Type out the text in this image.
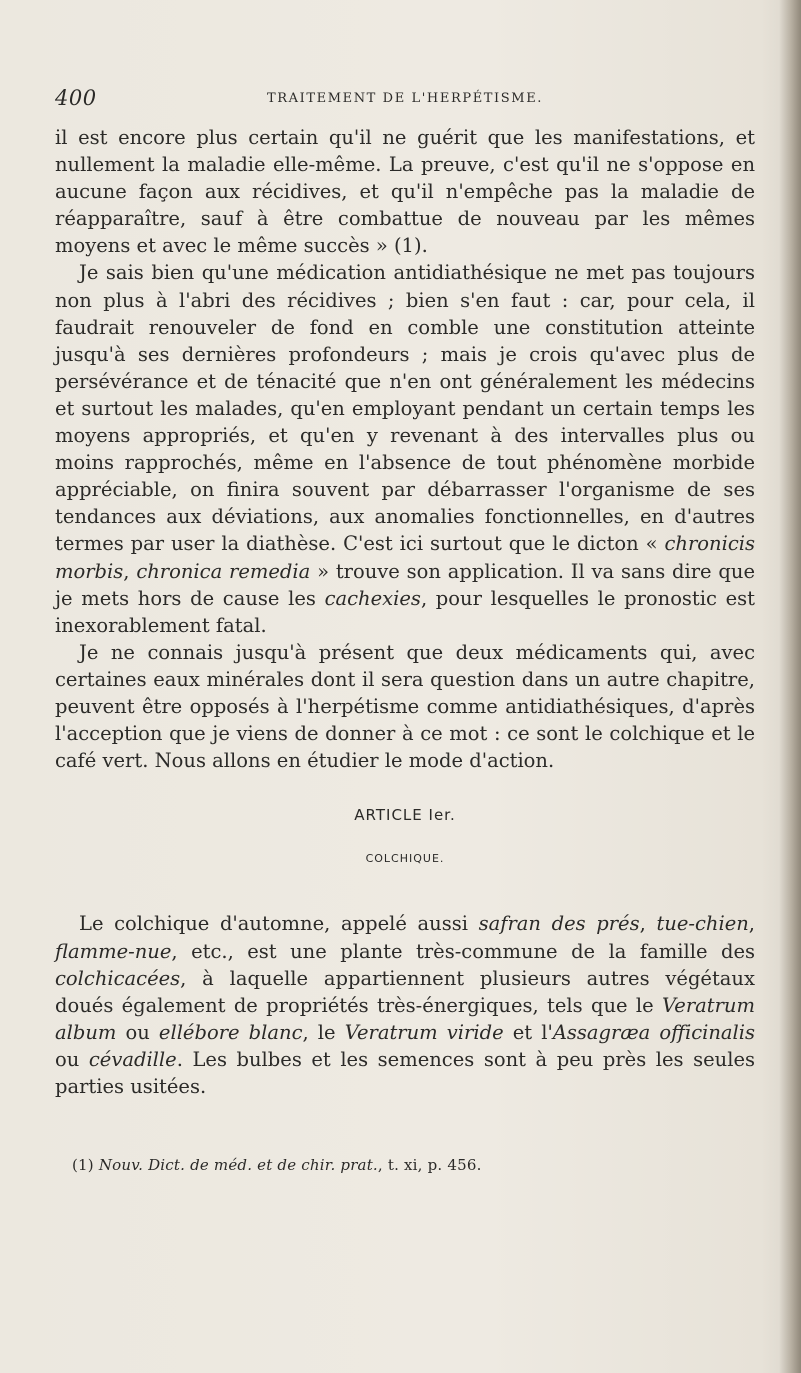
400	TRAITEMENT DE L'HERPÉTISME.

il est encore plus certain qu'il ne guérit que les manifestations, et nullement la maladie elle-même. La preuve, c'est qu'il ne s'oppose en aucune façon aux récidives, et qu'il n'empêche pas la maladie de réapparaître, sauf à être combattue de nouveau par les mêmes moyens et avec le même succès » (1).

Je sais bien qu'une médication antidiathésique ne met pas toujours non plus à l'abri des récidives ; bien s'en faut : car, pour cela, il faudrait renouveler de fond en comble une constitution atteinte jusqu'à ses dernières profondeurs ; mais je crois qu'avec plus de persévérance et de ténacité que n'en ont généralement les médecins et surtout les malades, qu'en employant pendant un certain temps les moyens appropriés, et qu'en y revenant à des intervalles plus ou moins rapprochés, même en l'absence de tout phénomène morbide appréciable, on finira souvent par débarrasser l'organisme de ses tendances aux déviations, aux anomalies fonctionnelles, en d'autres termes par user la diathèse. C'est ici surtout que le dicton « chronicis morbis, chronica remedia » trouve son application. Il va sans dire que je mets hors de cause les cachexies, pour lesquelles le pronostic est inexorablement fatal.

Je ne connais jusqu'à présent que deux médicaments qui, avec certaines eaux minérales dont il sera question dans un autre chapitre, peuvent être opposés à l'herpétisme comme antidiathésiques, d'après l'acception que je viens de donner à ce mot : ce sont le colchique et le café vert. Nous allons en étudier le mode d'action.

ARTICLE Ier.
COLCHIQUE.

Le colchique d'automne, appelé aussi safran des prés, tue-chien, flamme-nue, etc., est une plante très-commune de la famille des colchicacées, à laquelle appartiennent plusieurs autres végétaux doués également de propriétés très-énergiques, tels que le Veratrum album ou ellébore blanc, le Veratrum viride et l'Assagræa officinalis ou cévadille. Les bulbes et les semences sont à peu près les seules parties usitées.

(1) Nouv. Dict. de méd. et de chir. prat., t. xi, p. 456.
